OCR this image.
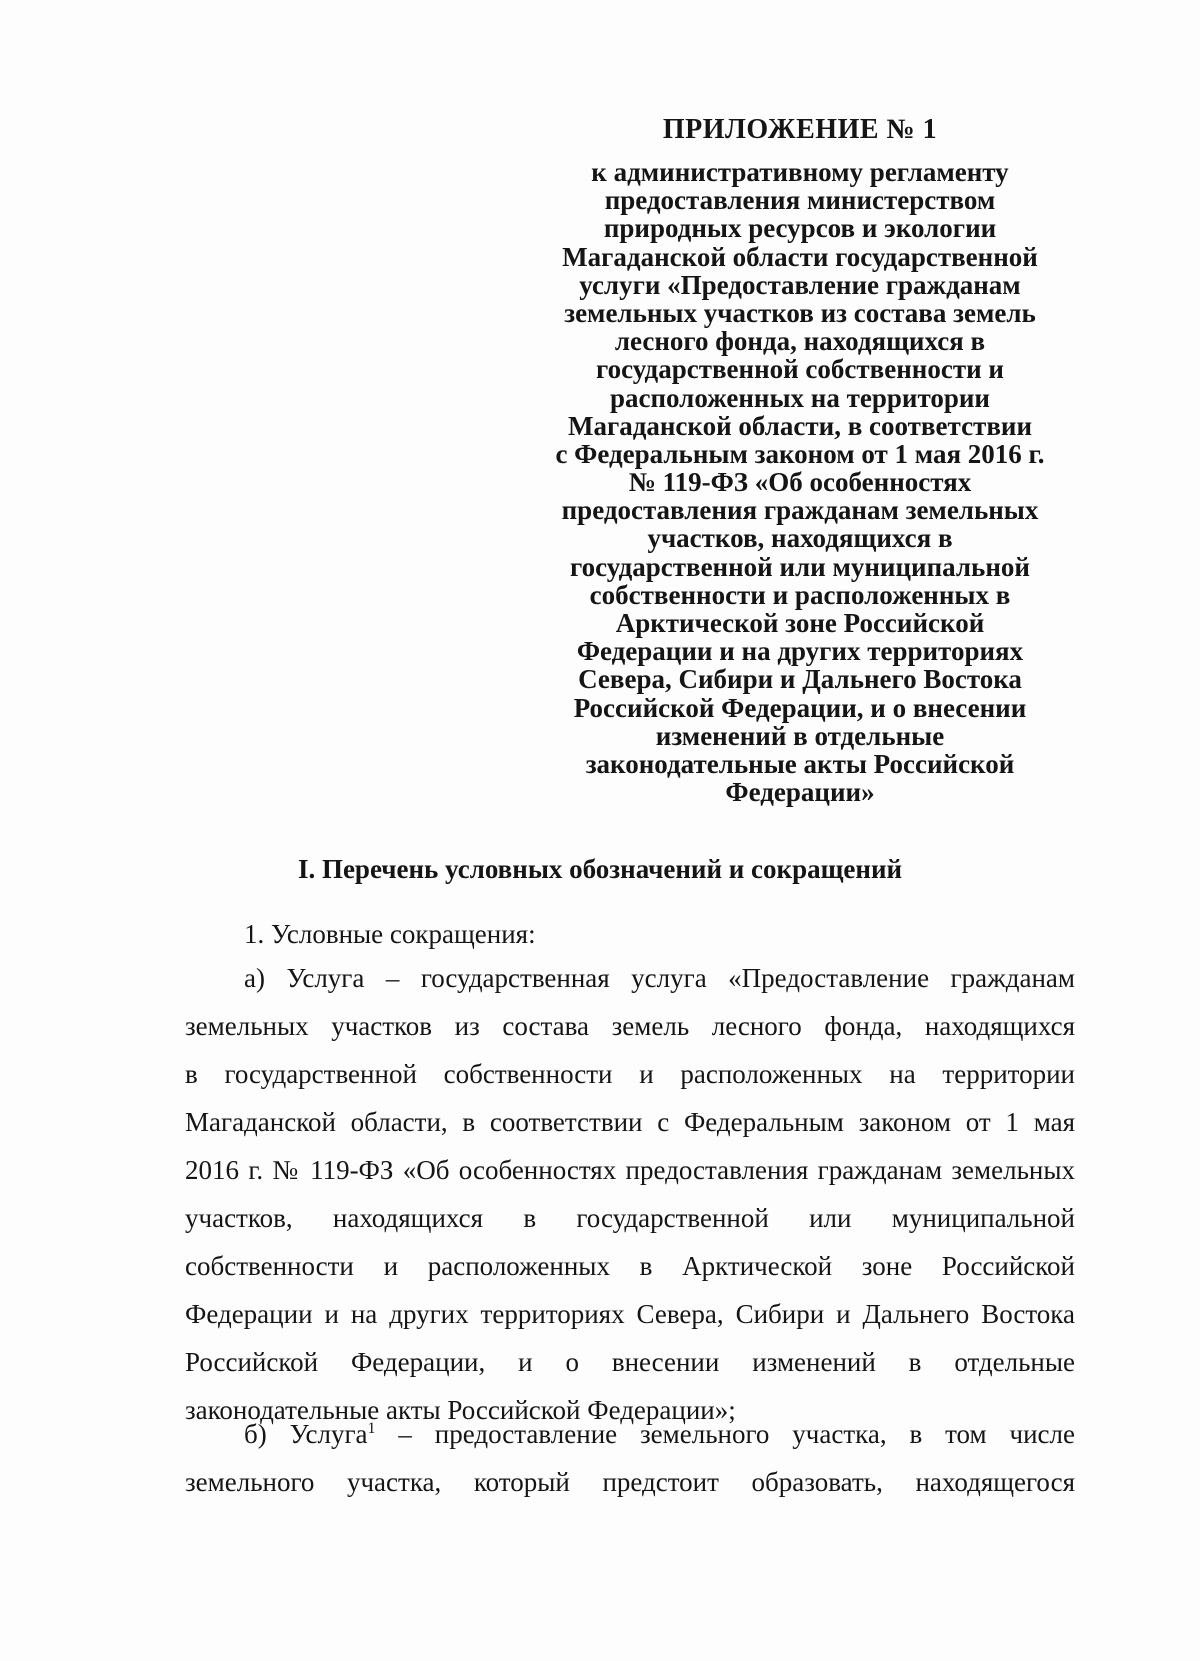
ПРИЛОЖЕНИЕ № 1
к административному регламенту
предоставления министерством
природных ресурсов и экологии
Магаданской области государственной
услуги «Предоставление гражданам
земельных участков из состава земель
лесного фонда, находящихся в
государственной собственности и
расположенных на территории
Магаданской области, в соответствии
с Федеральным законом от 1 мая 2016 г.
№ 119-ФЗ «Об особенностях
предоставления гражданам земельных
участков, находящихся в
государственной или муниципальной
собственности и расположенных в
Арктической зоне Российской
Федерации и на других территориях
Севера, Сибири и Дальнего Востока
Российской Федерации, и о внесении
изменений в отдельные
законодательные акты Российской
Федерации»
I. Перечень условных обозначений и сокращений
1. Условные сокращения:
а) Услуга – государственная услуга «Предоставление гражданам
земельных участков из состава земель лесного фонда, находящихся
в государственной собственности и расположенных на территории
Магаданской области, в соответствии с Федеральным законом от 1 мая
2016 г. № 119-ФЗ «Об особенностях предоставления гражданам земельных
участков, находящихся в государственной или муниципальной
собственности и расположенных в Арктической зоне Российской
Федерации и на других территориях Севера, Сибири и Дальнего Востока
Российской Федерации, и о внесении изменений в отдельные
законодательные акты Российской Федерации»;
б) Услуга$^1$ – предоставление земельного участка, в том числе
земельного участка, который предстоит образовать, находящегося
